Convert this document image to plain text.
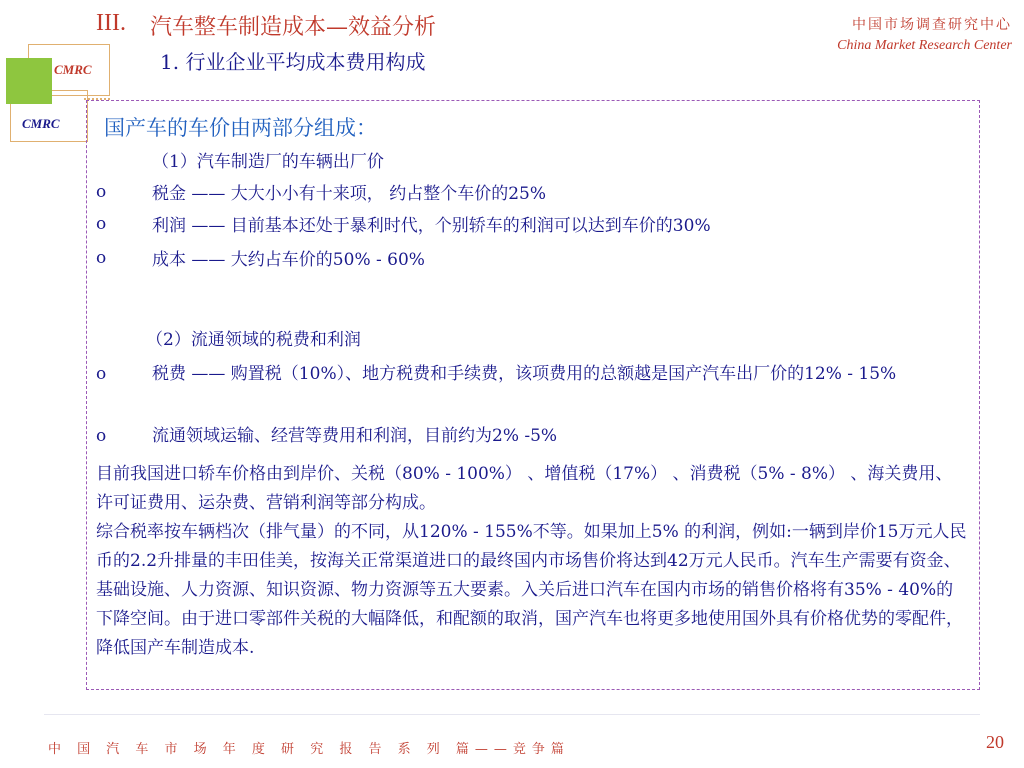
III. 汽车整车制造成本—效益分析
1. 行业企业平均成本费用构成
中国市场调查研究中心
China Market Research Center
CMRC
CMRC 国产车的车价由两部分组成：
（1）汽车制造厂的车辆出厂价
o	税金 —— 大大小小有十来项， 约占整个车价的25%
o	利润 —— 目前基本还处于暴利时代，个别轿车的利润可以达到车价的30%
o	成本 —— 大约占车价的50% - 60%
（2）流通领域的税费和利润
o	税费 —— 购置税（10%）、地方税费和手续费，该项费用的总额越是国产汽车出厂价的12% - 15%
o	流通领域运输、经营等费用和利润，目前约为2% -5%
目前我国进口轿车价格由到岸价、关税（80% - 100%） 、增值税（17%） 、消费税（5% - 8%） 、海关费用、许可证费用、运杂费、营销利润等部分构成。
综合税率按车辆档次（排气量）的不同，从120% - 155%不等。如果加上5% 的利润，例如:一辆到岸价15万元人民币的2.2升排量的丰田佳美，按海关正常渠道进口的最终国内市场售价将达到42万元人民币。汽车生产需要有资金、基础设施、人力资源、知识资源、物力资源等五大要素。入关后进口汽车在国内市场的销售价格将有35% - 40%的下降空间。由于进口零部件关税的大幅降低，和配额的取消，国产汽车也将更多地使用国外具有价格优势的零配件，降低国产车制造成本.
中 国 汽 车 市 场 年 度 研 究 报 告 系 列 篇——竞争篇	20
